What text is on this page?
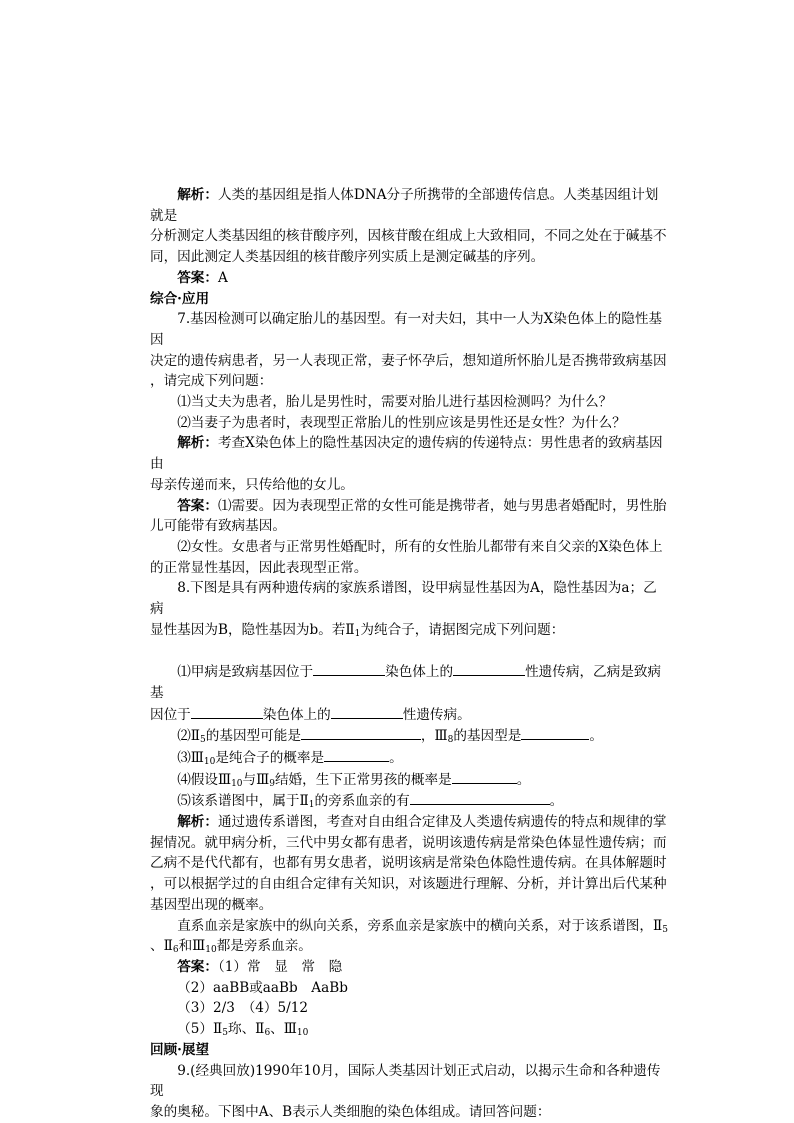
解析：人类的基因组是指人体DNA分子所携带的全部遗传信息。人类基因组计划就是

分析测定人类基因组的核苷酸序列，因核苷酸在组成上大致相同，不同之处在于碱基不

同，因此测定人类基因组的核苷酸序列实质上是测定碱基的序列。

答案：A

综合·应用

7.基因检测可以确定胎儿的基因型。有一对夫妇，其中一人为X染色体上的隐性基因

决定的遗传病患者，另一人表现正常，妻子怀孕后，想知道所怀胎儿是否携带致病基因

，请完成下列问题：

⑴当丈夫为患者，胎儿是男性时，需要对胎儿进行基因检测吗？为什么？

⑵当妻子为患者时，表现型正常胎儿的性别应该是男性还是女性？为什么？

解析：考查X染色体上的隐性基因决定的遗传病的传递特点：男性患者的致病基因由

母亲传递而来，只传给他的女儿。

答案：⑴需要。因为表现型正常的女性可能是携带者，她与男患者婚配时，男性胎

儿可能带有致病基因。

⑵女性。女患者与正常男性婚配时，所有的女性胎儿都带有来自父亲的X染色体上

的正常显性基因，因此表现型正常。

8.下图是具有两种遗传病的家族系谱图，设甲病显性基因为A，隐性基因为a；乙病

显性基因为B，隐性基因为b。若$Ⅱ_1$为纯合子，请据图完成下列问题：

⑴甲病是致病基因位于	染色体上的	性遗传病，乙病是致病基

因位于	染色体上的	性遗传病。

$⑵Ⅱ_5$的基因型可能是	，$Ⅲ_8$的基因型是	。

$⑶Ⅲ_{10}$是纯合子的概率是	。

⑷假设$Ⅲ_{10}$与$Ⅲ_9$结婚，生下正常男孩的概率是	。

⑸该系谱图中，属于$Ⅱ_1$的旁系血亲的有	。

解析：通过遗传系谱图，考查对自由组合定律及人类遗传病遗传的特点和规律的掌

握情况。就甲病分析，三代中男女都有患者，说明该遗传病是常染色体显性遗传病；而

乙病不是代代都有，也都有男女患者，说明该病是常染色体隐性遗传病。在具体解题时

，可以根据学过的自由组合定律有关知识，对该题进行理解、分析，并计算出后代某种

基因型出现的概率。

直系血亲是家族中的纵向关系，旁系血亲是家族中的横向关系，对于该系谱图，$Ⅱ_5$

、$Ⅱ_6$和$Ⅲ_{10}$都是旁系血亲。

答案：（1）常　显　常　隐

（2）aaBB或aaBb　AaBb

（3）2/3　（4）5/12

$(5)Ⅱ_5$珎、$Ⅱ_6$、$Ⅲ_{10}$

回顾·展望

9.(经典回放)1990年10月，国际人类基因计划正式启动，以揭示生命和各种遗传现

象的奥秘。下图中A、B表示人类细胞的染色体组成。请回答问题：
